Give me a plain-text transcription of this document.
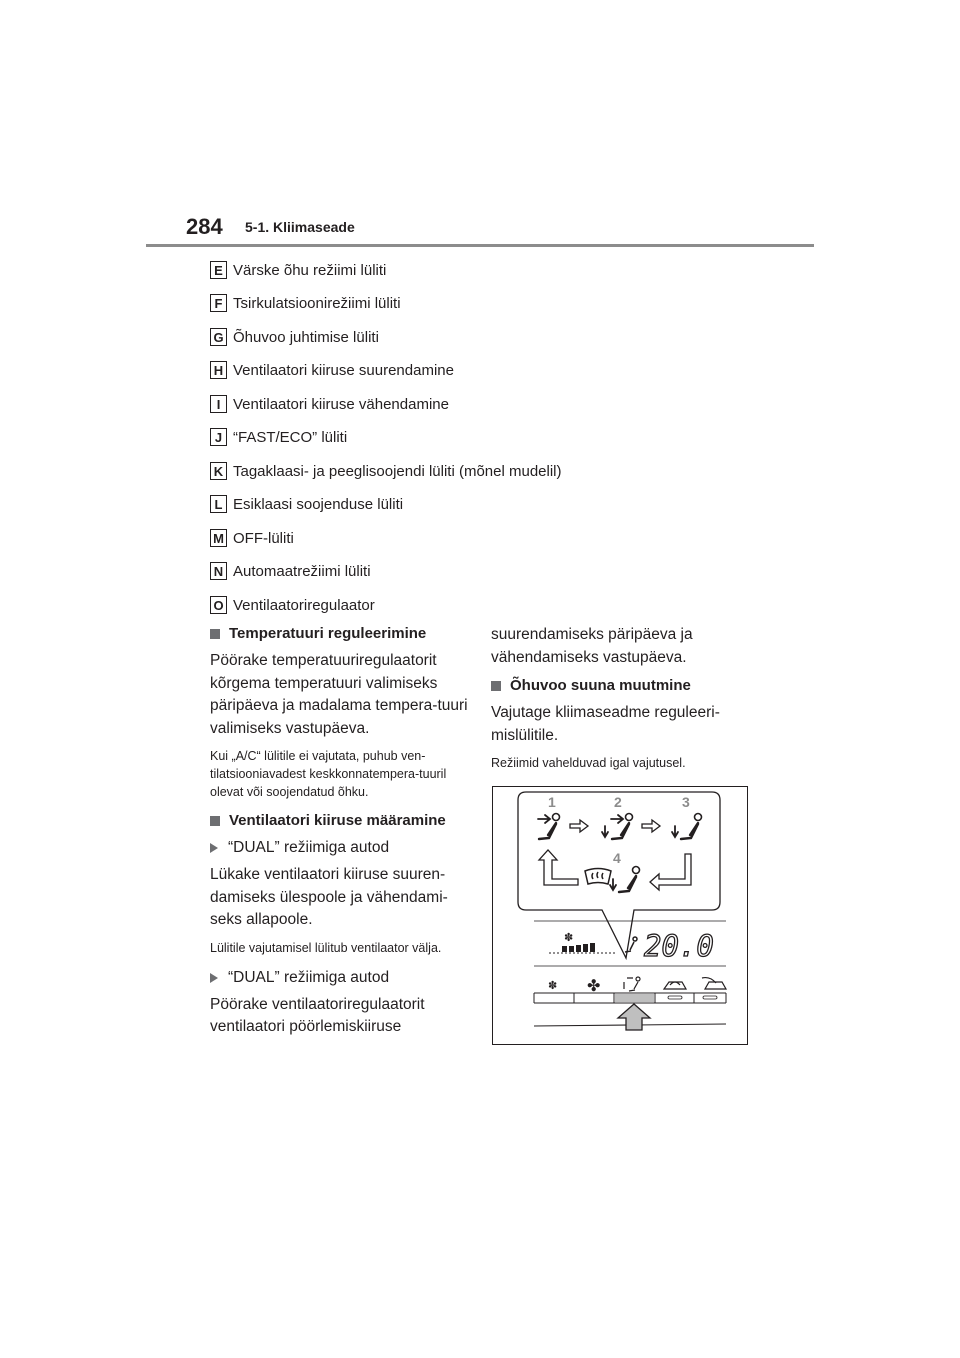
284 5-1. Kliimaseade
E Värske õhu režiimi lüliti
F Tsirkulatsioonirežiimi lüliti
G Õhuvoo juhtimise lüliti
H Ventilaatori kiiruse suurendamine
I Ventilaatori kiiruse vähendamine
J “FAST/ECO” lüliti
K Tagaklaasi- ja peeglisoojendi lüliti (mõnel mudelil)
L Esiklaasi soojenduse lüliti
M OFF-lüliti
N Automaatrežiimi lüliti
O Ventilaatoriregulaator
Temperatuuri reguleerimine

Pöörake temperatuuriregulaatorit kõrgema temperatuuri valimiseks päripäeva ja madalama tempera-tuuri valimiseks vastupäeva.

Kui „A/C“ lülitile ei vajutata, puhub ven-tilatsiooniavadest keskkonnatempera-tuuril olevat või soojendatud õhku.

Ventilaatori kiiruse määramine
“DUAL” režiimiga autod

Lükake ventilaatori kiiruse suuren-damiseks ülespoole ja vähendami-seks allapoole.

Lülitile vajutamisel lülitub ventilaator välja.

“DUAL” režiimiga autod

Pöörake ventilaatoriregulaatorit ventilaatori pöörlemiskiiruse

suurendamiseks päripäeva ja vähendamiseks vastupäeva.

Õhuvoo suuna muutmine

Vajutage kliimaseadme reguleeri-mislülitile.

Režiimid vahelduvad igal vajutusel.

1	2	3
4
✽ 20.0
✽ ✤
